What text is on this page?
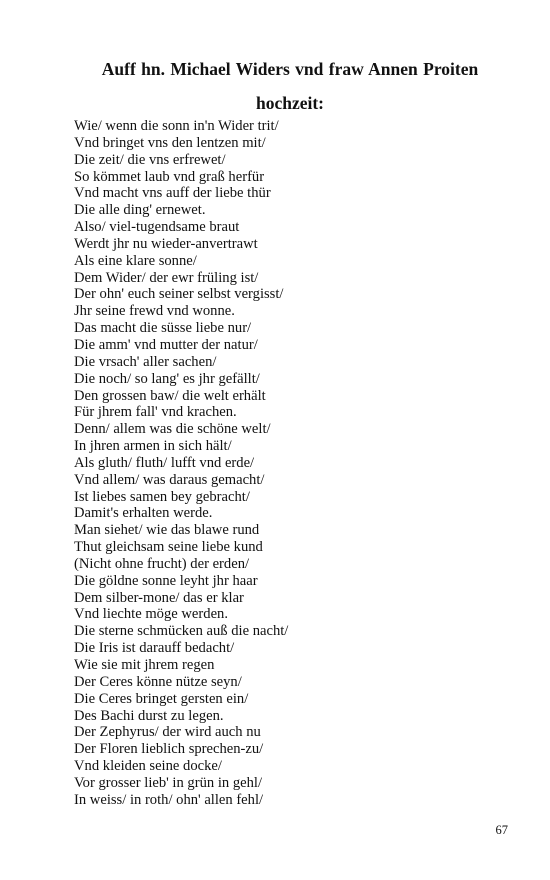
Auff hn. Michael Widers vnd fraw Annen Proiten
hochzeit:
Wie/ wenn die sonn in'n Wider trit/
Vnd bringet vns den lentzen mit/
Die zeit/ die vns erfrewet/
So kömmet laub vnd graß herfür
Vnd macht vns auff der liebe thür
Die alle ding' ernewet.
Also/ viel-tugendsame braut
Werdt jhr nu wieder-anvertrawt
Als eine klare sonne/
Dem Wider/ der ewr früling ist/
Der ohn' euch seiner selbst vergisst/
Jhr seine frewd vnd wonne.
Das macht die süsse liebe nur/
Die amm' vnd mutter der natur/
Die vrsach' aller sachen/
Die noch/ so lang' es jhr gefällt/
Den grossen baw/ die welt erhält
Für jhrem fall' vnd krachen.
Denn/ allem was die schöne welt/
In jhren armen in sich hält/
Als gluth/ fluth/ lufft vnd erde/
Vnd allem/ was daraus gemacht/
Ist liebes samen bey gebracht/
Damit's erhalten werde.
Man siehet/ wie das blawe rund
Thut gleichsam seine liebe kund
(Nicht ohne frucht) der erden/
Die göldne sonne leyht jhr haar
Dem silber-mone/ das er klar
Vnd liechte möge werden.
Die sterne schmücken auß die nacht/
Die Iris ist darauff bedacht/
Wie sie mit jhrem regen
Der Ceres könne nütze seyn/
Die Ceres bringet gersten ein/
Des Bachi durst zu legen.
Der Zephyrus/ der wird auch nu
Der Floren lieblich sprechen-zu/
Vnd kleiden seine docke/
Vor grosser lieb' in grün in gehl/
In weiss/ in roth/ ohn' allen fehl/
67
